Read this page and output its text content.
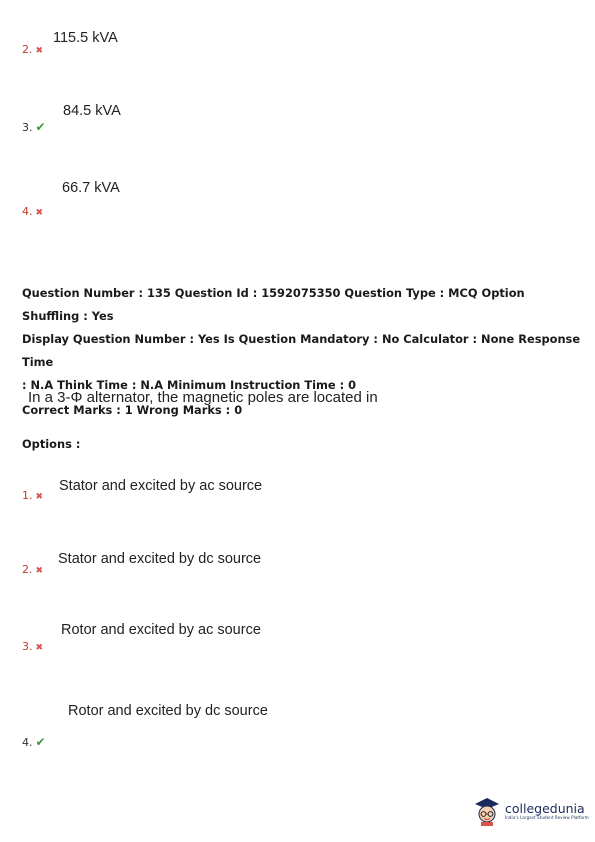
2. ✖
115.5 kVA
3. ✔
84.5 kVA
4. ✖
66.7 kVA
Question Number : 135 Question Id : 1592075350 Question Type : MCQ Option Shuffling : Yes
Display Question Number : Yes Is Question Mandatory : No Calculator : None Response Time
: N.A Think Time : N.A Minimum Instruction Time : 0
Correct Marks : 1 Wrong Marks : 0
In a 3-Φ alternator, the magnetic poles are located in
Options :
1. ✖
Stator and excited by ac source
2. ✖
Stator and excited by dc source
3. ✖
Rotor and excited by ac source
4. ✔
Rotor and excited by dc source
collegedunia
India's Largest Student Review Platform
